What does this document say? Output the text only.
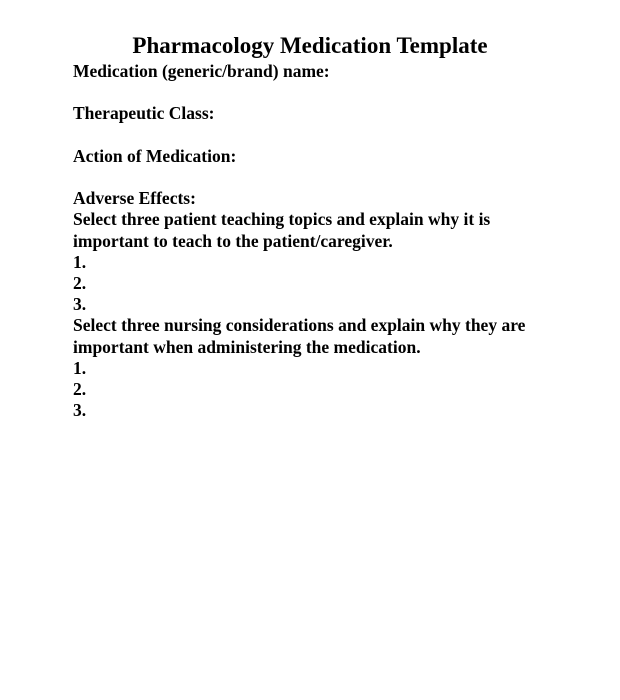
Pharmacology Medication Template
Medication (generic/brand) name:
Therapeutic Class:
Action of Medication:
Adverse Effects:
Select three patient teaching topics and explain why it is
important to teach to the patient/caregiver.
1.
2.
3.
Select three nursing considerations and explain why they are
important when administering the medication.
1.
2.
3.
